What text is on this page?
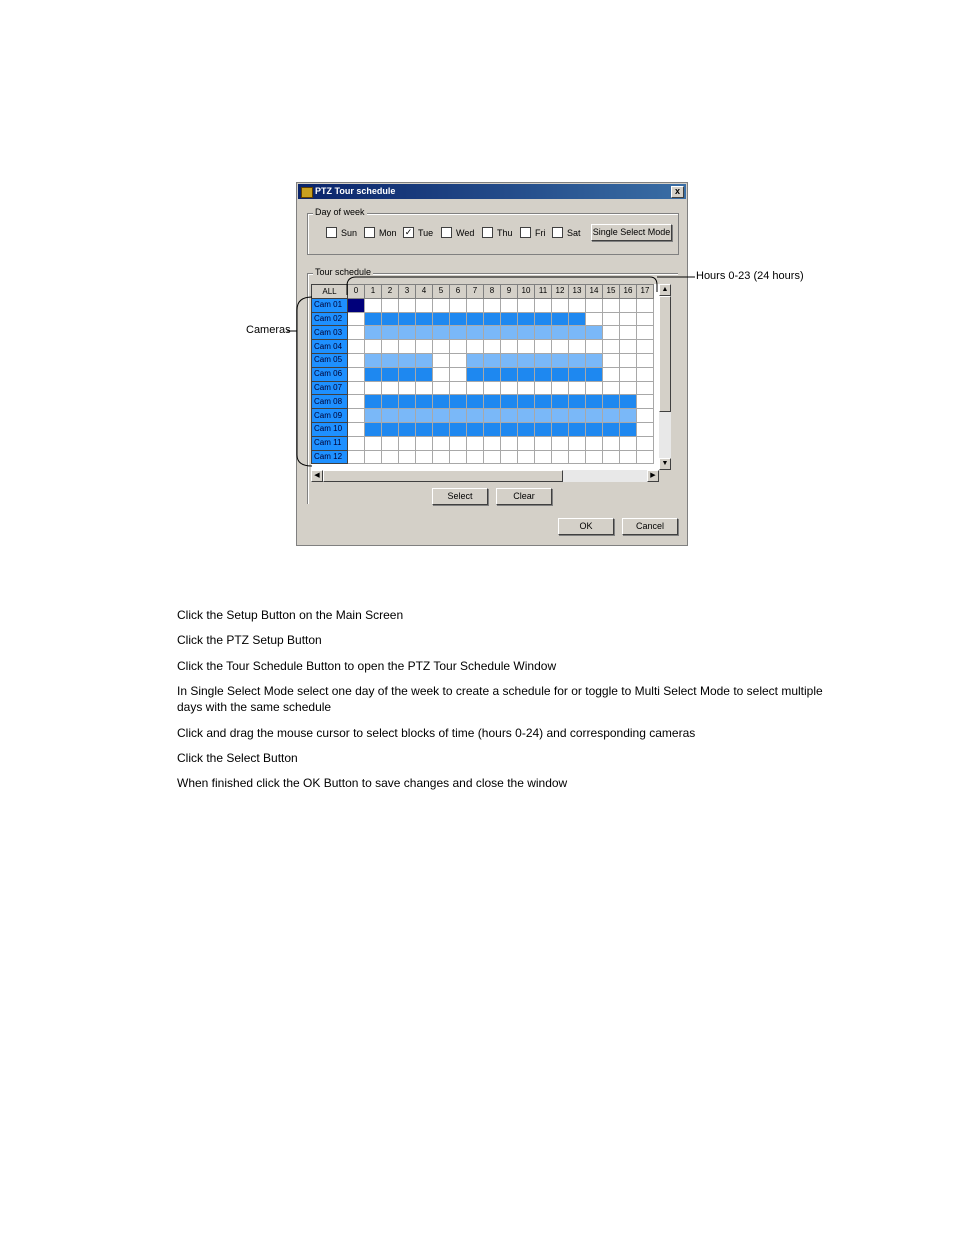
PTZ Tour schedule	x
Day of week
Tour schedule
Sun	Mon ✓ Tue	Wed	Thu	Fri	Sat Single Select Mode
ALL	0	1	2	3	4	5	6	7	8	9	10	11	12	13	14	15	16	17
Cam 01																		
Cam 02																		
Cam 03																		
Cam 04																		
Cam 05																		
Cam 06																		
Cam 07																		
Cam 08																		
Cam 09																		
Cam 10																		
Cam 11																		
Cam 12																		
▲
▼
◀	▶
Select	Clear
OK	Cancel
Hours 0-23 (24 hours)
Cameras
Click the Setup Button on the Main Screen
Click the PTZ Setup Button
Click the Tour Schedule Button to open the PTZ Tour Schedule Window
In Single Select Mode select one day of the week to create a schedule for or toggle to Multi Select Mode to select multiple days with the same schedule
Click and drag the mouse cursor to select blocks of time (hours 0-24) and corresponding cameras
Click the Select Button
When finished click the OK Button to save changes and close the window
